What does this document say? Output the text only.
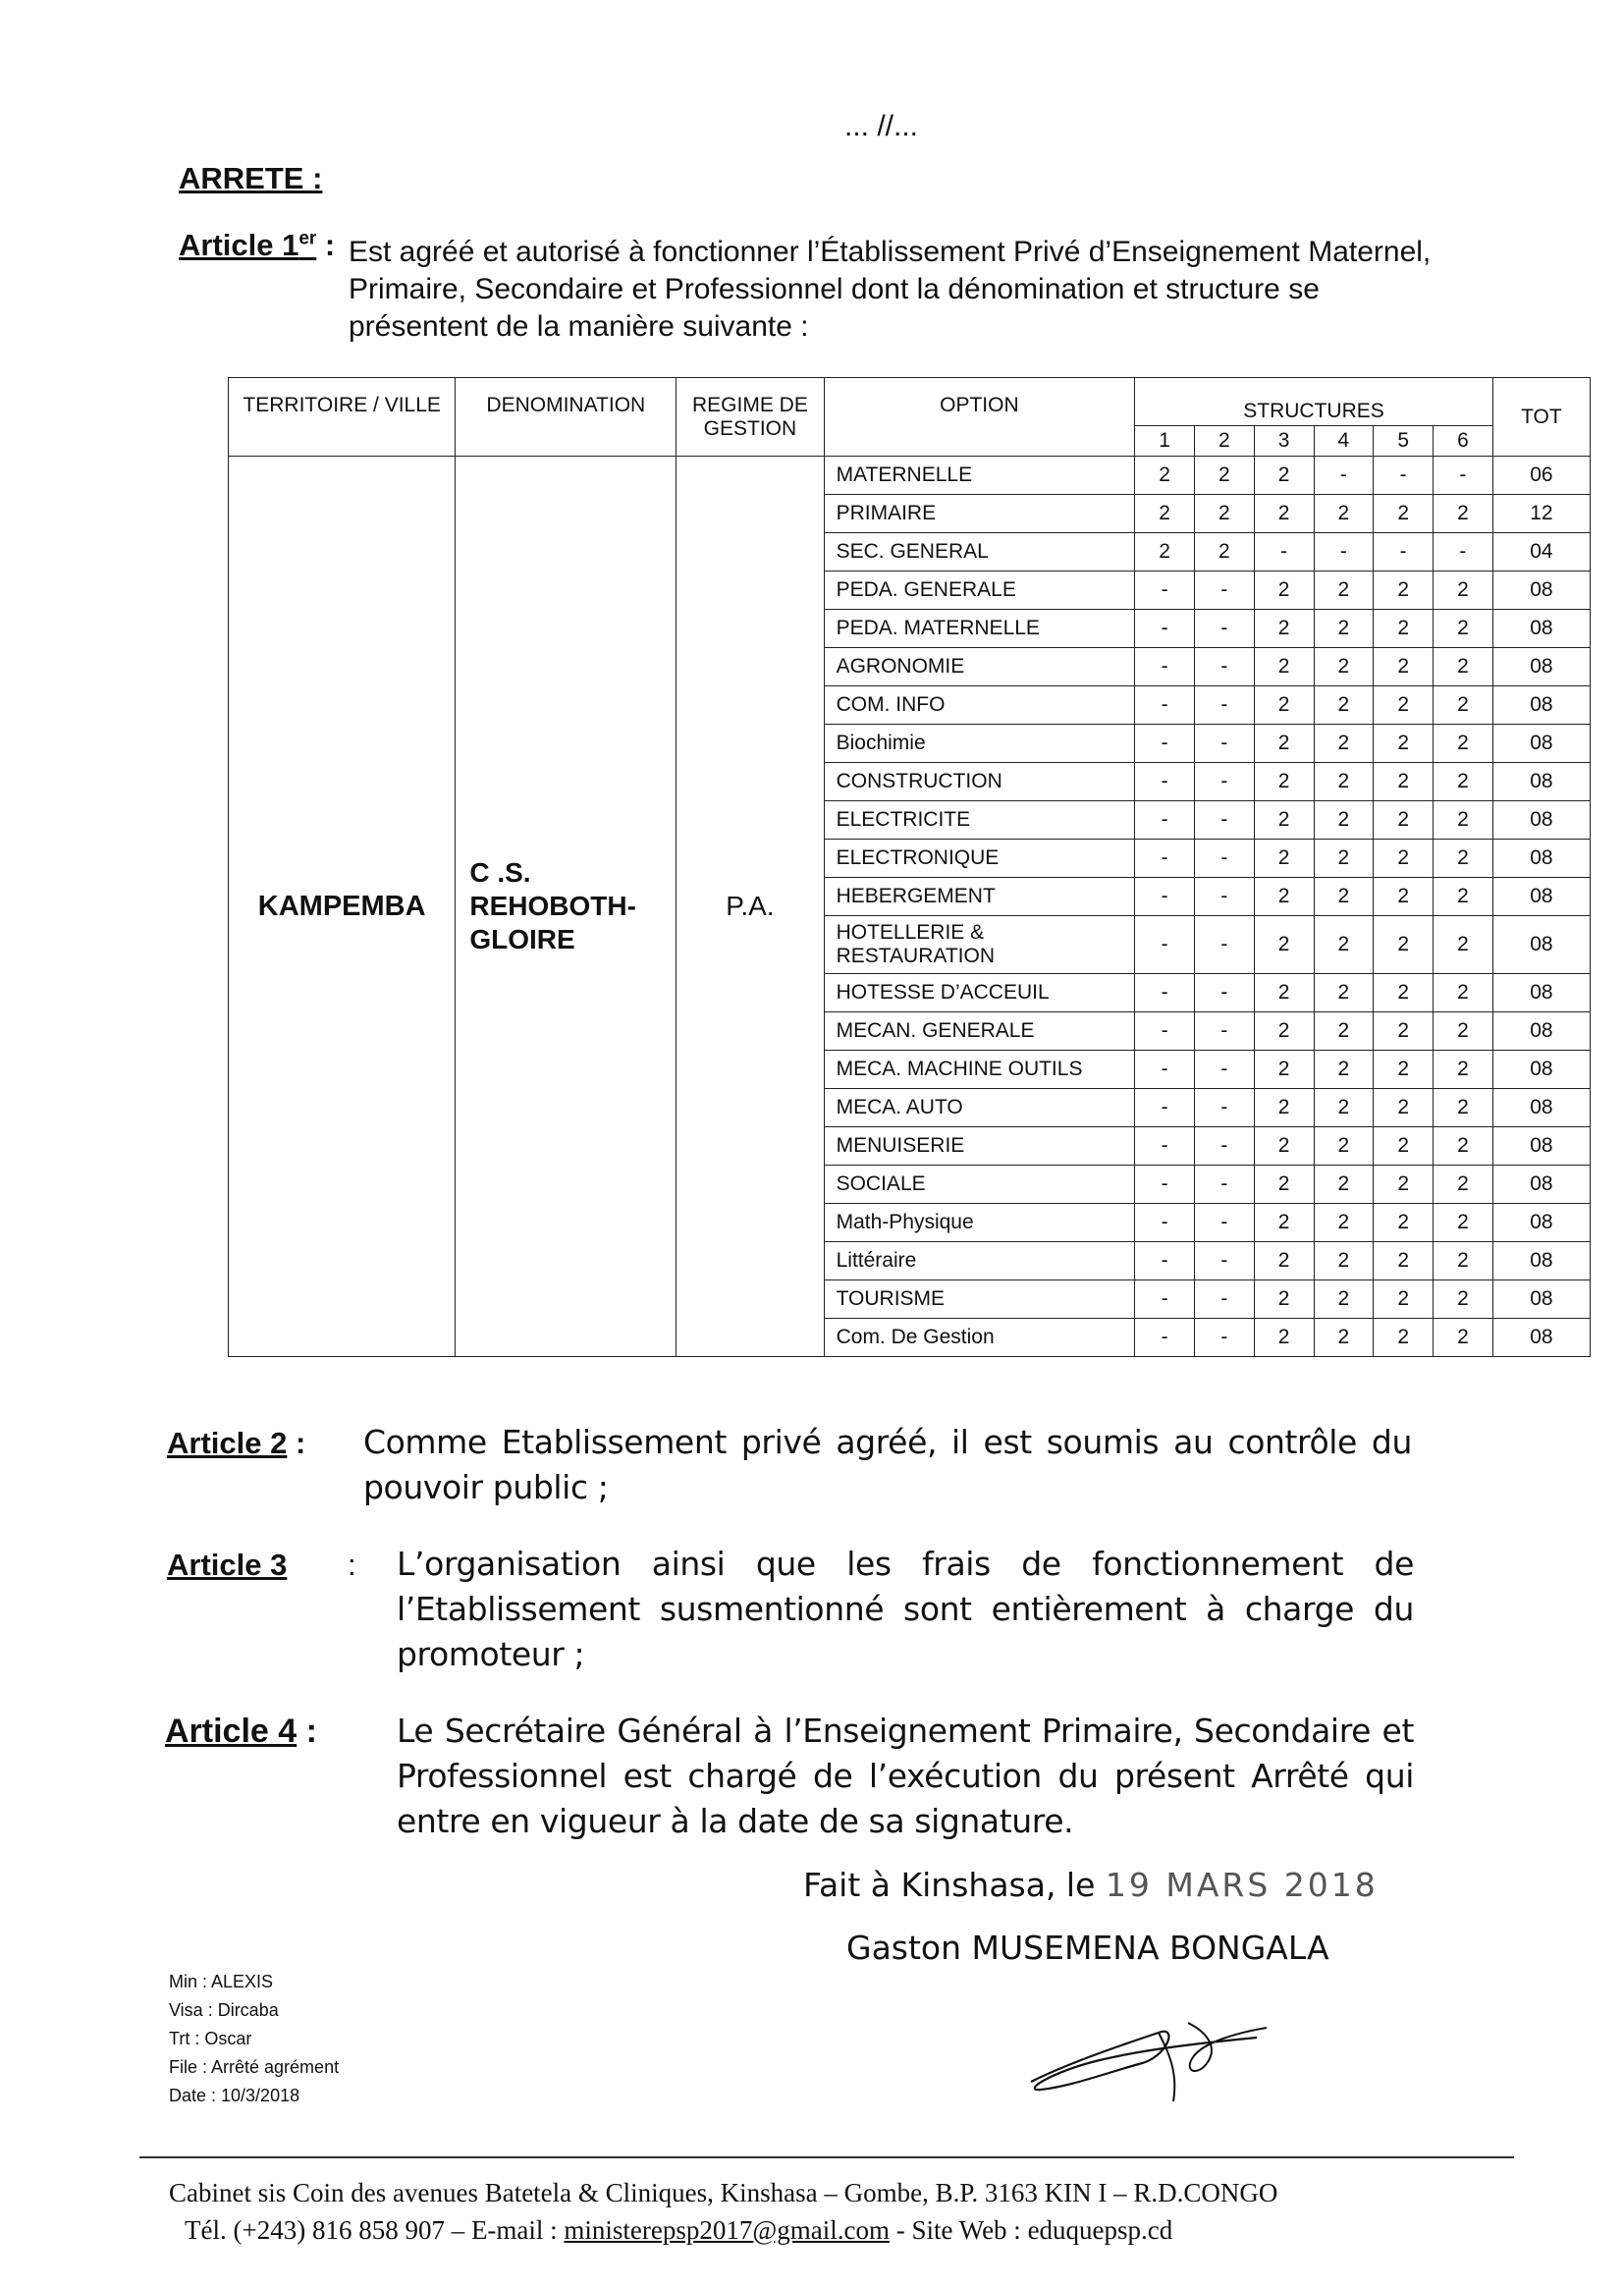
... //...
ARRETE :
Article 1er : Est agréé et autorisé à fonctionner l’Établissement Privé d’Enseignement Maternel, Primaire, Secondaire et Professionnel dont la dénomination et structure se présentent de la manière suivante :
TERRITOIRE / VILLE	DENOMINATION	REGIME DE GESTION	OPTION	STRUCTURES						TOT
				1	2	3	4	5	6	
KAMPEMBA	C .S. REHOBOTH-GLOIRE	P.A.	MATERNELLE	2	2	2	-	-	-	06
			PRIMAIRE	2	2	2	2	2	2	12
			SEC. GENERAL	2	2	-	-	-	-	04
			PEDA. GENERALE	-	-	2	2	2	2	08
			PEDA. MATERNELLE	-	-	2	2	2	2	08
			AGRONOMIE	-	-	2	2	2	2	08
			COM. INFO	-	-	2	2	2	2	08
			Biochimie	-	-	2	2	2	2	08
			CONSTRUCTION	-	-	2	2	2	2	08
			ELECTRICITE	-	-	2	2	2	2	08
			ELECTRONIQUE	-	-	2	2	2	2	08
			HEBERGEMENT	-	-	2	2	2	2	08
			HOTELLERIE & RESTAURATION	-	-	2	2	2	2	08
			HOTESSE D’ACCEUIL	-	-	2	2	2	2	08
			MECAN. GENERALE	-	-	2	2	2	2	08
			MECA. MACHINE OUTILS	-	-	2	2	2	2	08
			MECA. AUTO	-	-	2	2	2	2	08
			MENUISERIE	-	-	2	2	2	2	08
			SOCIALE	-	-	2	2	2	2	08
			Math-Physique	-	-	2	2	2	2	08
			Littéraire	-	-	2	2	2	2	08
			TOURISME	-	-	2	2	2	2	08
			Com. De Gestion	-	-	2	2	2	2	08
Article 2 : Comme Etablissement privé agréé, il est soumis au contrôle du pouvoir public ;
Article 3 : L’organisation ainsi que les frais de fonctionnement de l’Etablissement susmentionné sont entièrement à charge du promoteur ;
Article 4 : Le Secrétaire Général à l’Enseignement Primaire, Secondaire et Professionnel est chargé de l’exécution du présent Arrêté qui entre en vigueur à la date de sa signature.
Fait à Kinshasa, le 19 MARS 2018
Gaston MUSEMENA BONGALA
Min : ALEXIS
Visa : Dircaba
Trt : Oscar
File : Arrêté agrément
Date : 10/3/2018
Cabinet sis Coin des avenues Batetela & Cliniques, Kinshasa – Gombe, B.P. 3163 KIN I – R.D.CONGO
Tél. (+243) 816 858 907 – E-mail : ministerepsp2017@gmail.com - Site Web : eduquepsp.cd
